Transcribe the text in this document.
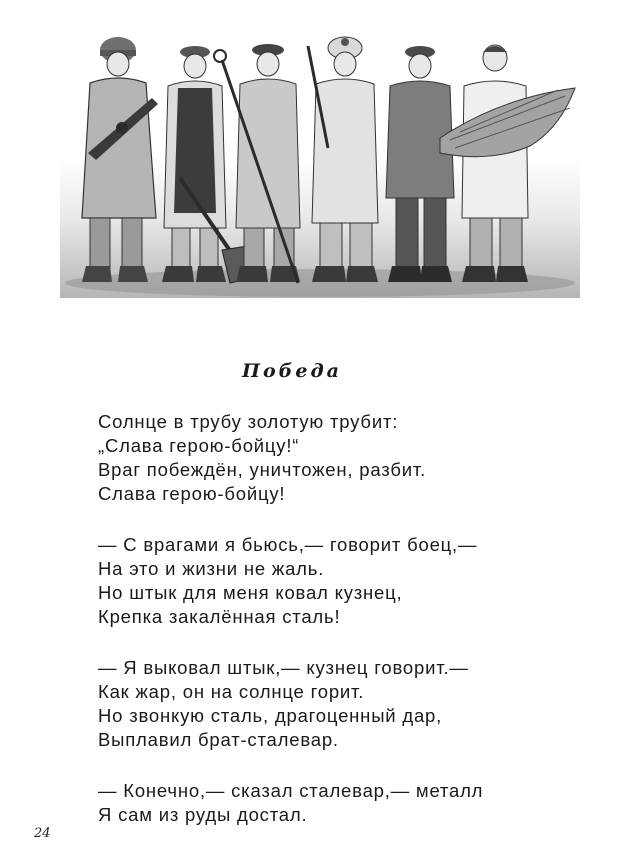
Победа
Солнце в трубу золотую трубит:
„Слава герою-бойцу!“
Враг побеждён, уничтожен, разбит.
Слава герою-бойцу!
— С врагами я бьюсь,— говорит боец,—
На это и жизни не жаль.
Но штык для меня ковал кузнец,
Крепка закалённая сталь!
— Я выковал штык,— кузнец говорит.—
Как жар, он на солнце горит.
Но звонкую сталь, драгоценный дар,
Выплавил брат-сталевар.
— Конечно,— сказал сталевар,— металл
Я сам из руды достал.
24
